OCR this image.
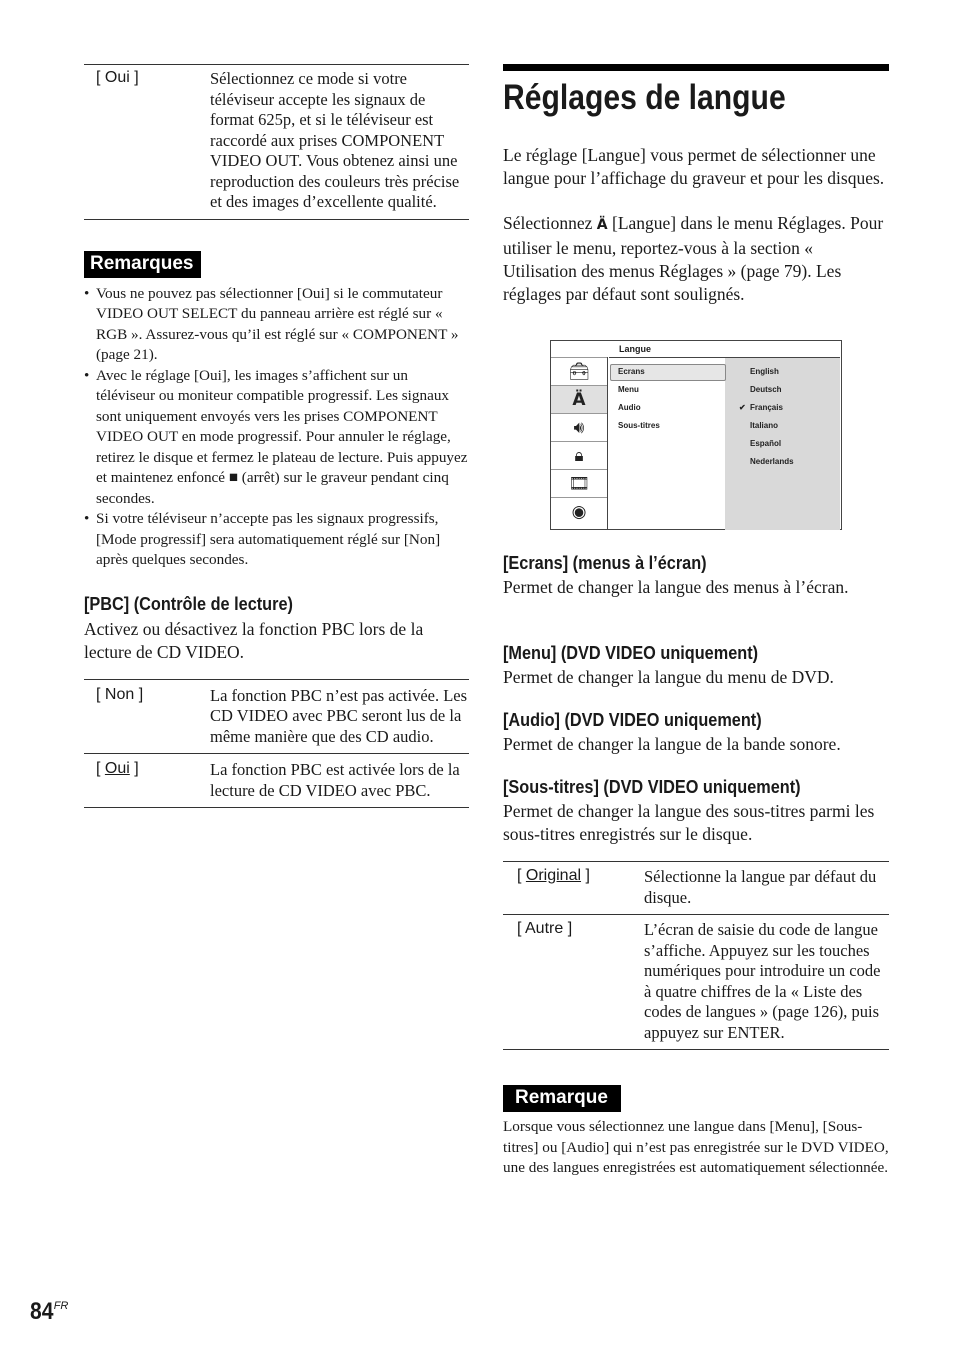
[ Oui ]	Sélectionnez ce mode si votre téléviseur accepte les signaux de format 625p, et si le téléviseur est raccordé aux prises COMPONENT VIDEO OUT. Vous obtenez ainsi une reproduction des couleurs très précise et des images d’excellente qualité.
Remarques
• Vous ne pouvez pas sélectionner [Oui] si le commutateur VIDEO OUT SELECT du panneau arrière est réglé sur « RGB ». Assurez-vous qu’il est réglé sur « COMPONENT » (page 21).
• Avec le réglage [Oui], les images s’affichent sur un téléviseur ou moniteur compatible progressif. Les signaux sont uniquement envoyés vers les prises COMPONENT VIDEO OUT en mode progressif. Pour annuler le réglage, retirez le disque et fermez le plateau de lecture. Puis appuyez et maintenez enfoncé ■ (arrêt) sur le graveur pendant cinq secondes.
• Si votre téléviseur n’accepte pas les signaux progressifs, [Mode progressif] sera automatiquement réglé sur [Non] après quelques secondes.
[PBC] (Contrôle de lecture)
Activez ou désactivez la fonction PBC lors de la lecture de CD VIDEO.
[ Non ]	La fonction PBC n’est pas activée. Les CD VIDEO avec PBC seront lus de la même manière que des CD audio.
[ Oui ]	La fonction PBC est activée lors de la lecture de CD VIDEO avec PBC.
Réglages de langue
Le réglage [Langue] vous permet de sélectionner une langue pour l’affichage du graveur et pour les disques.
Sélectionnez Ä [Langue] dans le menu Réglages. Pour utiliser le menu, reportez-vous à la section « Utilisation des menus Réglages » (page 79). Les réglages par défaut sont soulignés.
Langue
🧰︎
Ä
🔊︎
🔒︎
🎞︎
◉
Ecrans
Menu
Audio
Sous-titres
English
Deutsch
✔ Français
Italiano
Español
Nederlands
[Ecrans] (menus à l’écran)
Permet de changer la langue des menus à l’écran.
[Menu] (DVD VIDEO uniquement)
Permet de changer la langue du menu de DVD.
[Audio] (DVD VIDEO uniquement)
Permet de changer la langue de la bande sonore.
[Sous-titres] (DVD VIDEO uniquement)
Permet de changer la langue des sous-titres parmi les sous-titres enregistrés sur le disque.
[ Original ]	Sélectionne la langue par défaut du disque.
[ Autre ]	L’écran de saisie du code de langue s’affiche. Appuyez sur les touches numériques pour introduire un code à quatre chiffres de la « Liste des codes de langues » (page 126), puis appuyez sur ENTER.
Remarque
Lorsque vous sélectionnez une langue dans [Menu], [Sous-titres] ou [Audio] qui n’est pas enregistrée sur le DVD VIDEO, une des langues enregistrées est automatiquement sélectionnée.
$84^{FR}$
